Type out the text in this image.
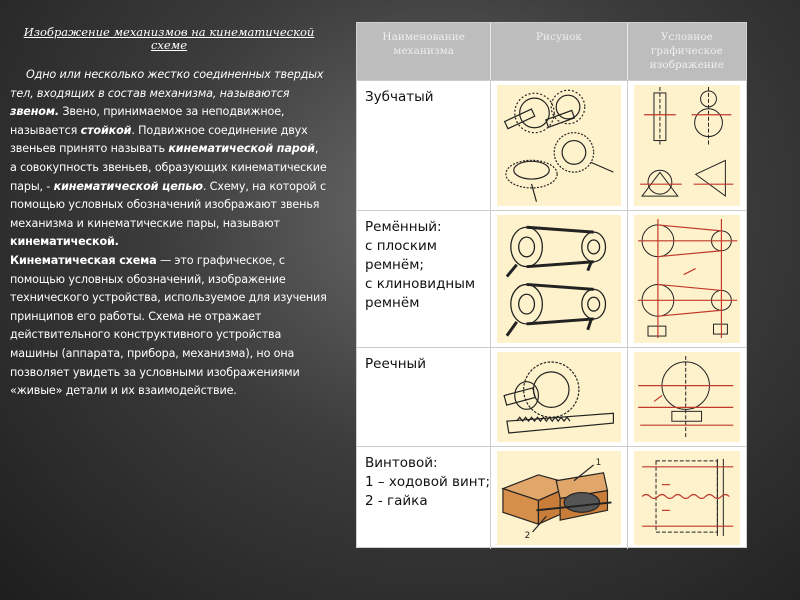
Изображение механизмов на кинематической схеме

Одно или несколько жестко соединенных твердых тел, входящих в состав механизма, называются звеном. Звено, принимаемое за неподвижное, называется стойкой. Подвижное соединение двух звеньев принято называть кинематической парой, а совокупность звеньев, образующих кинематические пары, - кинематической цепью. Схему, на которой с помощью условных обозначений изображают звенья механизма и кинематические пары, называют кинематической.
Кинематическая схема — это графическое, с помощью условных обозначений, изображение технического устройства, используемое для изучения принципов его работы. Схема не отражает действительного конструктивного устройства машины (аппарата, прибора, механизма), но она позволяет увидеть за условными изображениями «живые» детали и их взаимодействие.

Наименование механизма
Рисунок	Условное графическое изображение
Зубчатый
Ремённый:
с плоским ремнём;
с клиновидным ремнём
Реечный
Винтовой:
1 – ходовой винт;
2 - гайка
1
2
